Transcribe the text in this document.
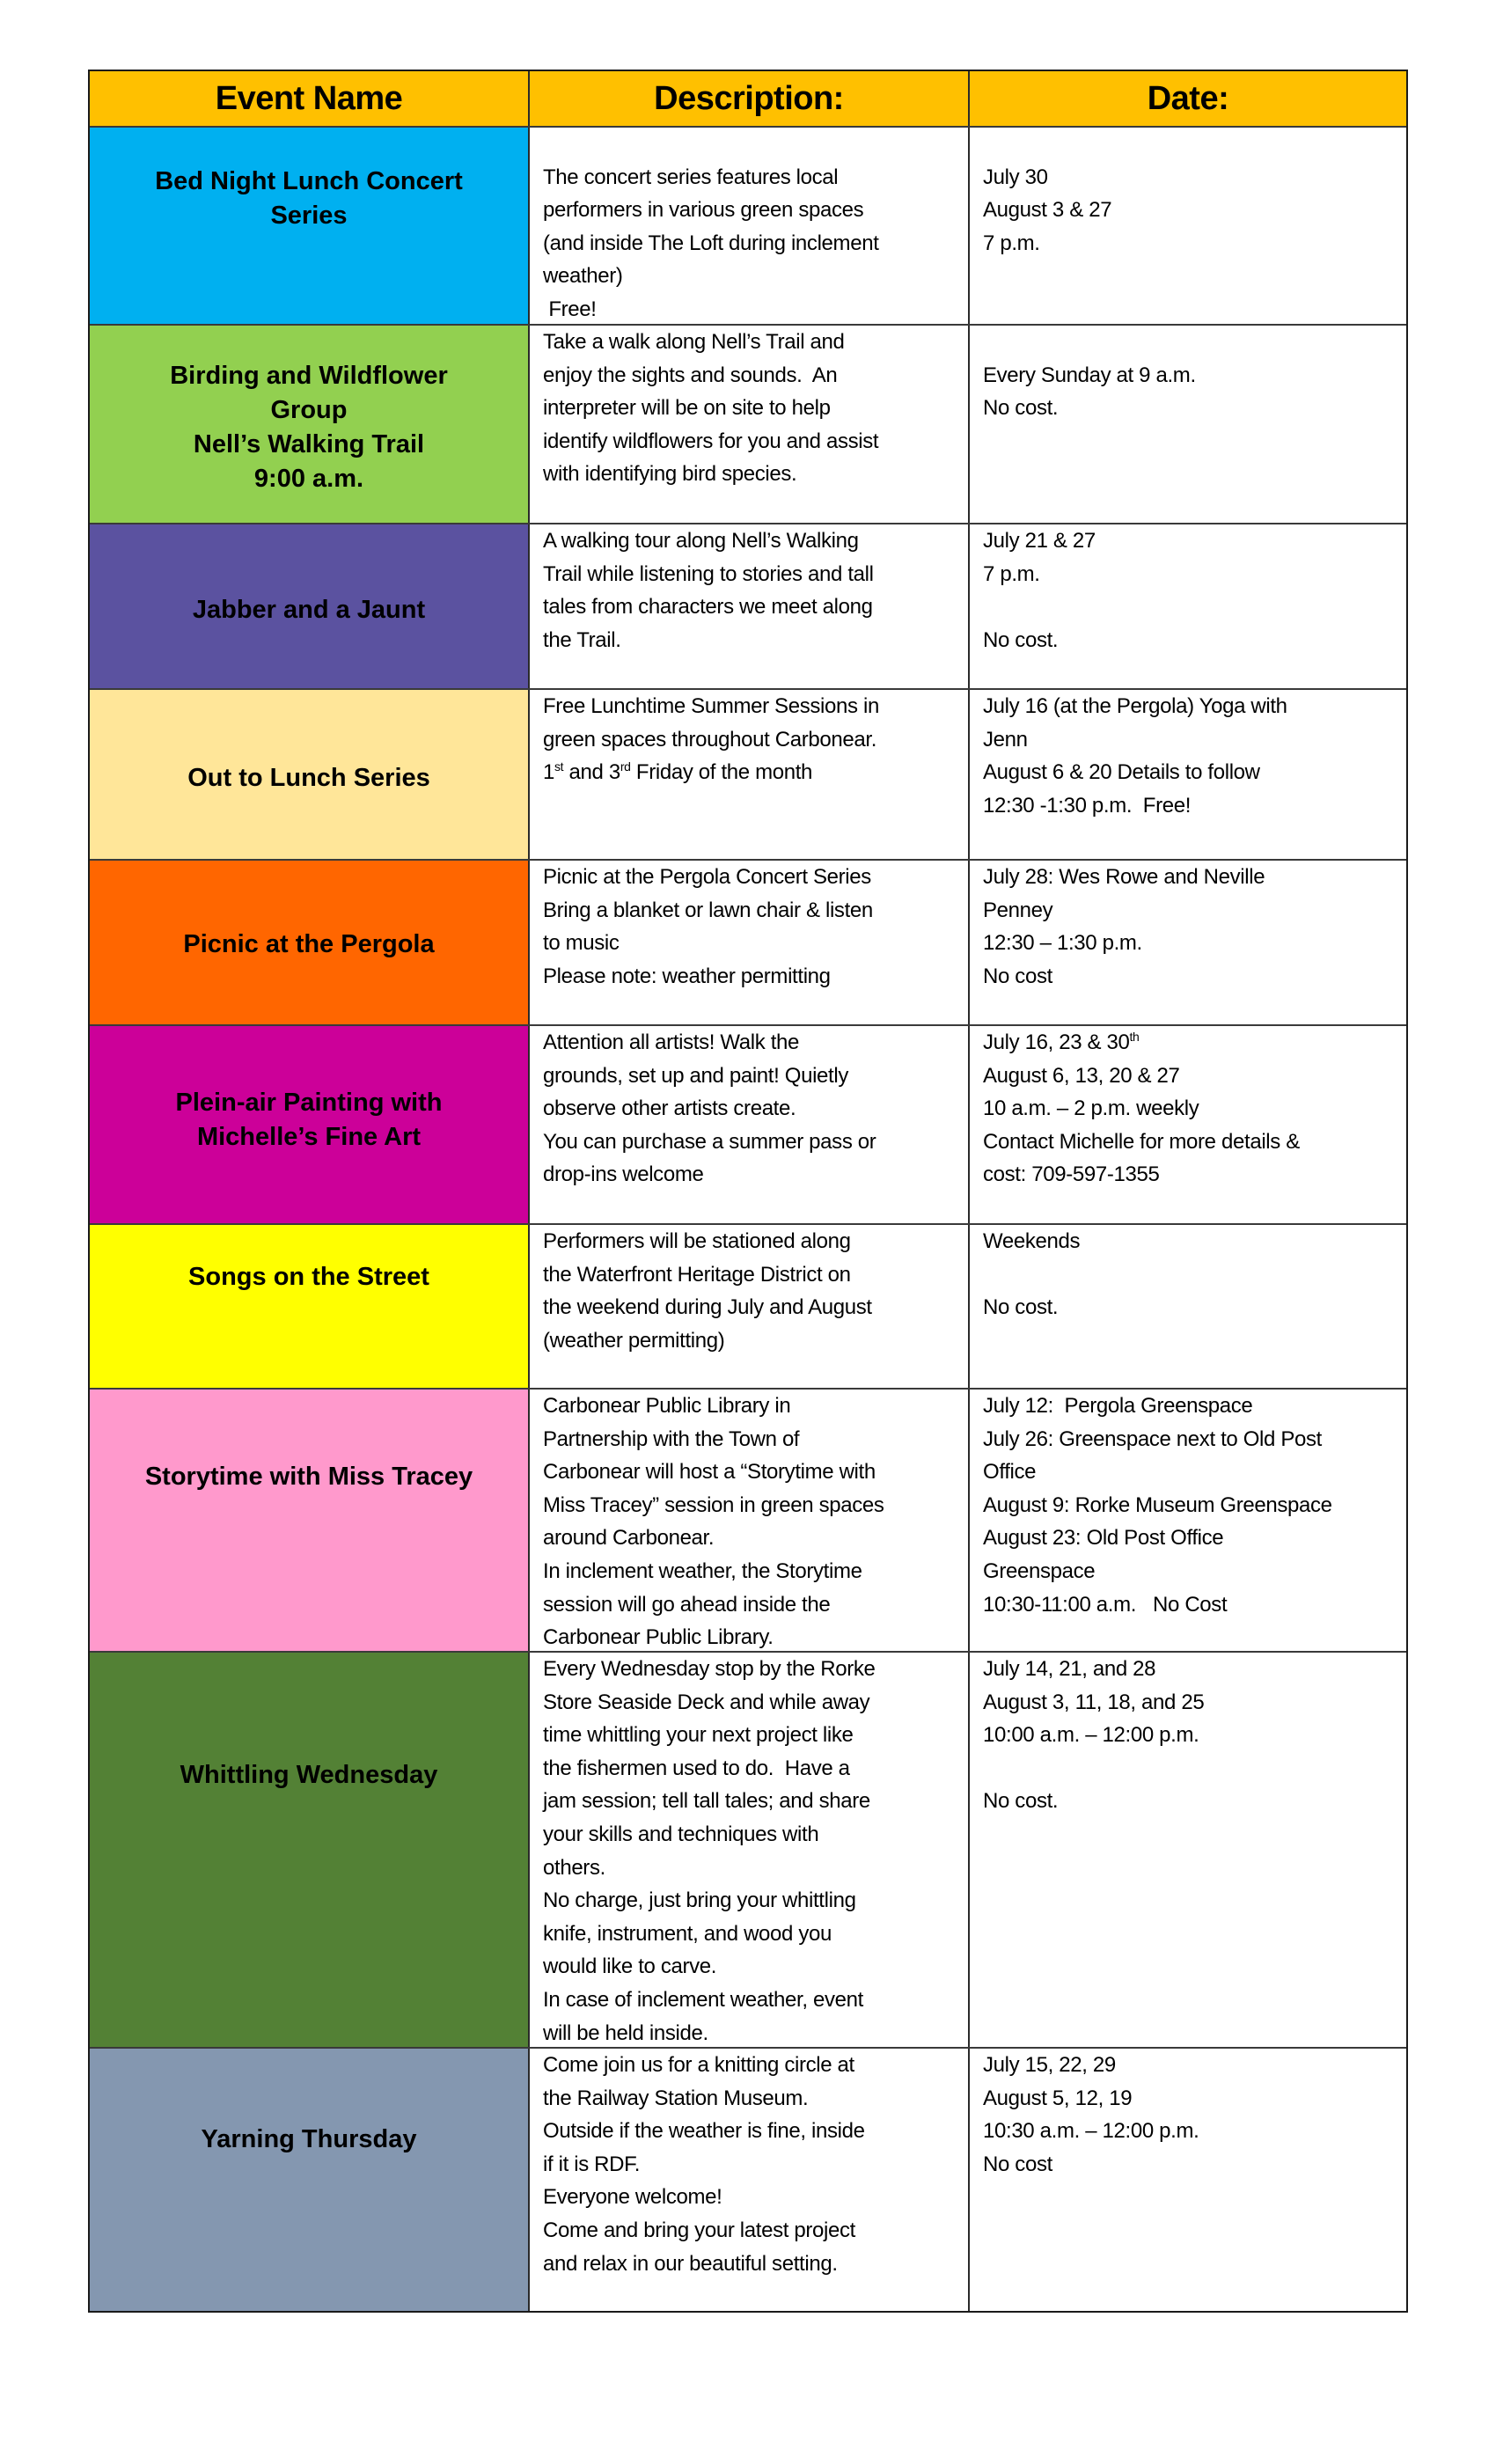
Event Name	Description:	Date:
Bed Night Lunch Concert
Series
The concert series features local
performers in various green spaces
(and inside The Loft during inclement
weather)
Free!
July 30
August 3 & 27
7 p.m.
Birding and Wildflower
Group
Nell’s Walking Trail
9:00 a.m.
Take a walk along Nell’s Trail and
enjoy the sights and sounds.  An
interpreter will be on site to help
identify wildflowers for you and assist
with identifying bird species.
Every Sunday at 9 a.m.
No cost.
Jabber and a Jaunt
A walking tour along Nell’s Walking
Trail while listening to stories and tall
tales from characters we meet along
the Trail.
July 21 & 27
7 p.m.
No cost.
Out to Lunch Series
Free Lunchtime Summer Sessions in
green spaces throughout Carbonear.
1st and 3rd Friday of the month
July 16 (at the Pergola) Yoga with
Jenn
August 6 & 20 Details to follow
12:30 -1:30 p.m.  Free!
Picnic at the Pergola
Picnic at the Pergola Concert Series
Bring a blanket or lawn chair & listen
to music
Please note: weather permitting
July 28: Wes Rowe and Neville
Penney
12:30 – 1:30 p.m.
No cost
Plein-air Painting with
Michelle’s Fine Art
Attention all artists! Walk the
grounds, set up and paint! Quietly
observe other artists create.
You can purchase a summer pass or
drop-ins welcome
July 16, 23 & 30th
August 6, 13, 20 & 27
10 a.m. – 2 p.m. weekly
Contact Michelle for more details &
cost: 709-597-1355
Songs on the Street
Performers will be stationed along
the Waterfront Heritage District on
the weekend during July and August
(weather permitting)
Weekends
No cost.
Storytime with Miss Tracey
Carbonear Public Library in
Partnership with the Town of
Carbonear will host a “Storytime with
Miss Tracey” session in green spaces
around Carbonear.
In inclement weather, the Storytime
session will go ahead inside the
Carbonear Public Library.
July 12:  Pergola Greenspace
July 26: Greenspace next to Old Post
Office
August 9: Rorke Museum Greenspace
August 23: Old Post Office
Greenspace
10:30-11:00 a.m.   No Cost
Whittling Wednesday
Every Wednesday stop by the Rorke
Store Seaside Deck and while away
time whittling your next project like
the fishermen used to do.  Have a
jam session; tell tall tales; and share
your skills and techniques with
others.
No charge, just bring your whittling
knife, instrument, and wood you
would like to carve.
In case of inclement weather, event
will be held inside.
July 14, 21, and 28
August 3, 11, 18, and 25
10:00 a.m. – 12:00 p.m.
No cost.
Yarning Thursday
Come join us for a knitting circle at
the Railway Station Museum.
Outside if the weather is fine, inside
if it is RDF.
Everyone welcome!
Come and bring your latest project
and relax in our beautiful setting.
July 15, 22, 29
August 5, 12, 19
10:30 a.m. – 12:00 p.m.
No cost
